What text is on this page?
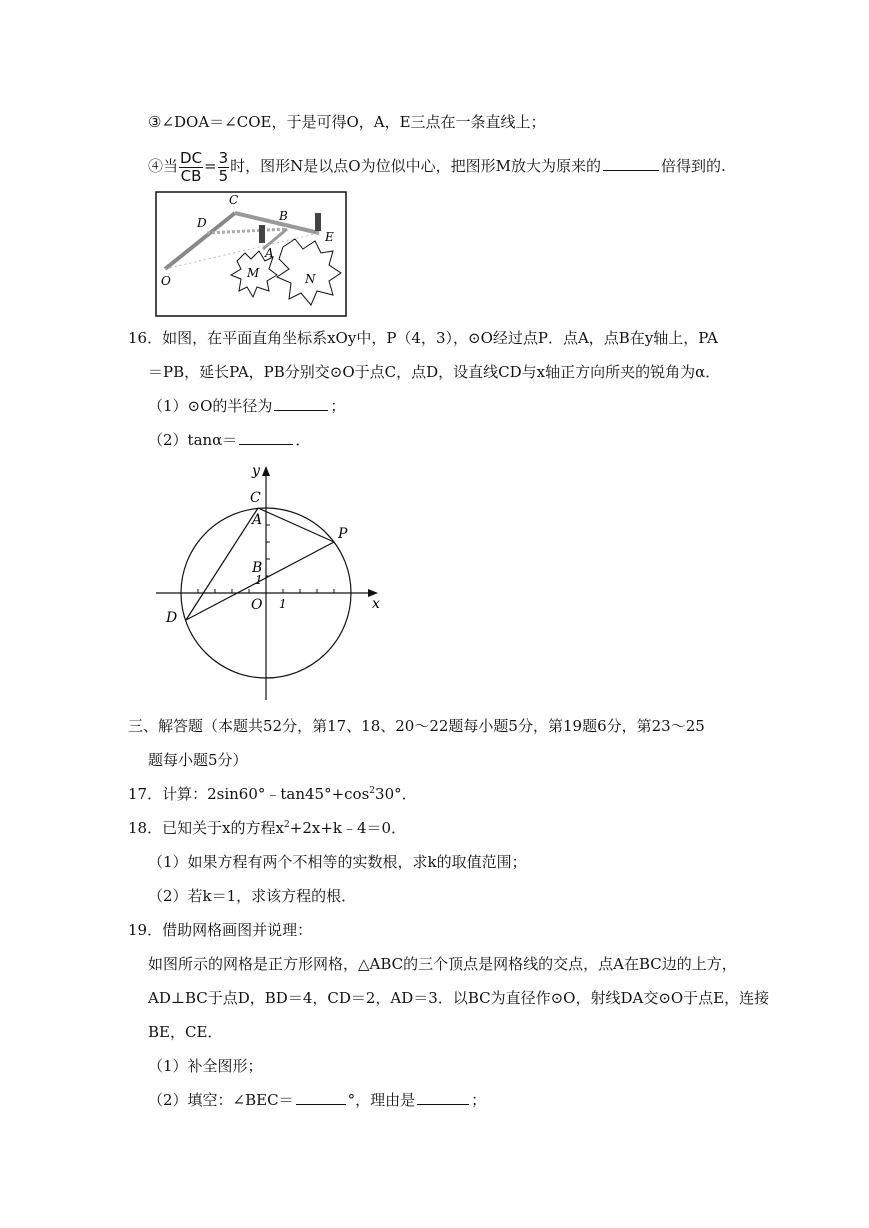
③∠DOA＝∠COE，于是可得O，A，E三点在一条直线上；
④当 $\frac{DC}{CB} = \frac{3}{5}$ 时，图形N是以点O为位似中心，把图形M放大为原来的	倍得到的.
C
D	B
A
E
O
M	N
16．如图，在平面直角坐标系xOy中，P（4，3），⊙O经过点P．点A，点B在y轴上，PA
＝PB，延长PA，PB分别交⊙O于点C，点D，设直线CD与x轴正方向所夹的锐角为α．
（1）⊙O的半径为	；
（2）tanα＝	．
y
x
C
A
P
B
1
D
O 1
三、解答题（本题共52分，第17、18、20～22题每小题5分，第19题6分，第23～25
题每小题5分）
17．计算：$2\sin 60^\circ﹣\tan 45^\circ+\cos^230^\circ$．
18．已知关于x的方程$x^2+2x+k﹣4=0$．
（1）如果方程有两个不相等的实数根，求k的取值范围；
（2）若k＝1，求该方程的根．
19．借助网格画图并说理：
如图所示的网格是正方形网格，△ABC的三个顶点是网格线的交点，点A在BC边的上方，
AD⊥BC于点D，BD＝4，CD＝2，AD＝3．以BC为直径作⊙O，射线DA交⊙O于点E，连接
BE，CE．
（1）补全图形；
（2）填空：∠BEC＝	°，理由是	；
